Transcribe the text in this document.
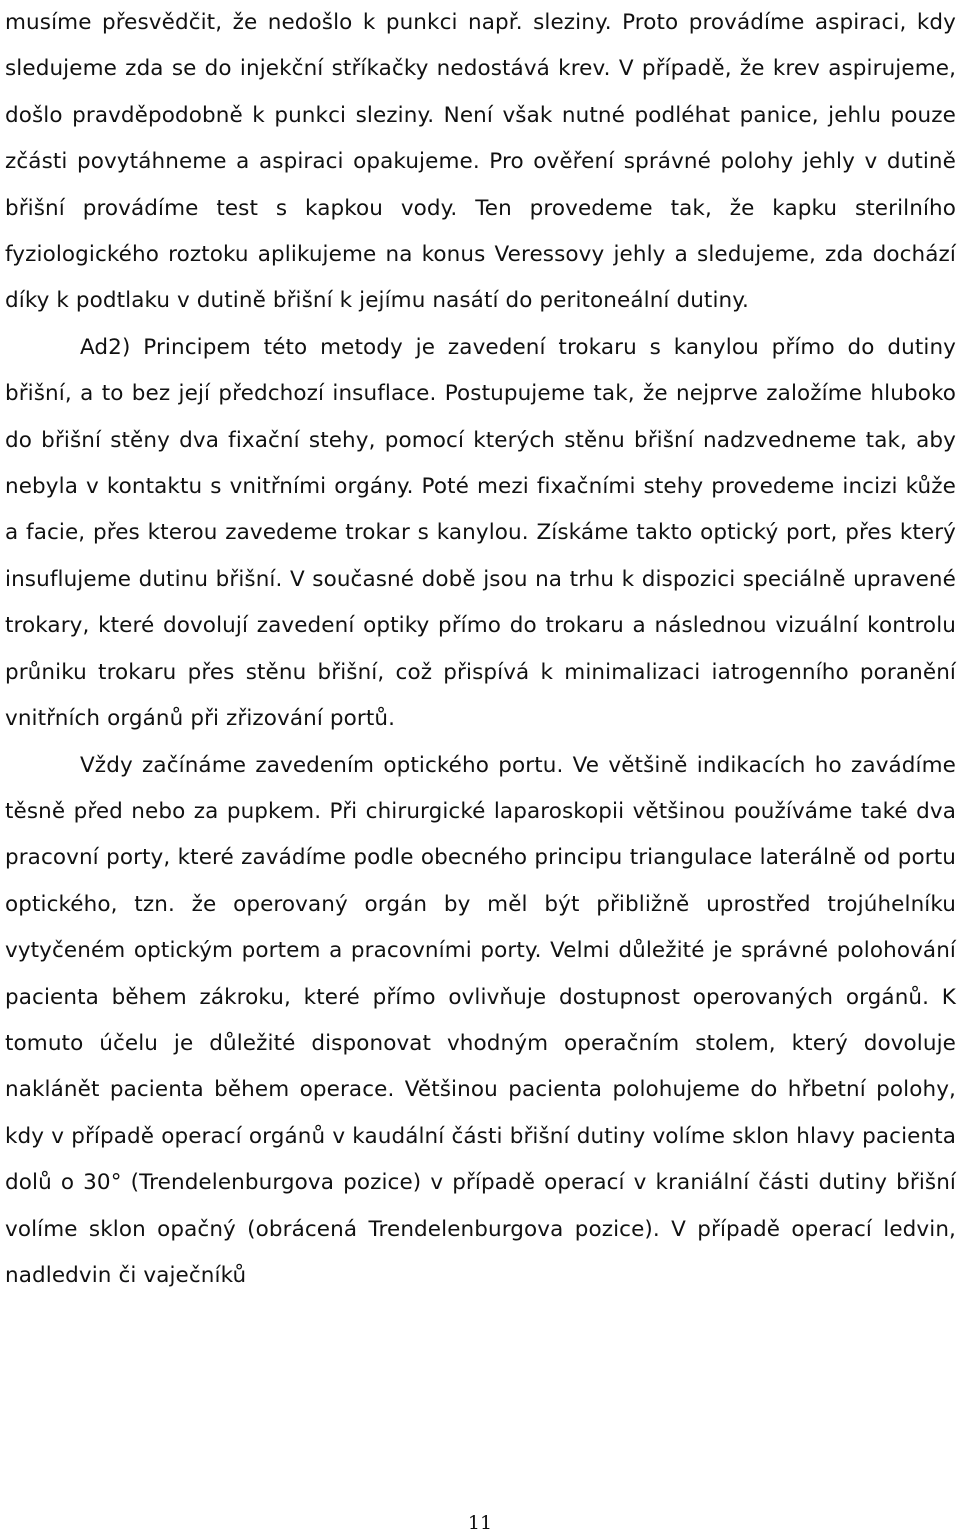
musíme přesvědčit, že nedošlo k punkci např. sleziny. Proto provádíme aspiraci, kdy sledujeme zda se do injekční stříkačky nedostává krev. V případě, že krev aspirujeme, došlo pravděpodobně k punkci sleziny. Není však nutné podléhat panice, jehlu pouze zčásti povytáhneme a aspiraci opakujeme. Pro ověření správné polohy jehly v dutině břišní provádíme test s kapkou vody. Ten provedeme tak, že kapku sterilního fyziologického roztoku aplikujeme na konus Veressovy jehly a sledujeme, zda dochází díky k podtlaku v dutině břišní k jejímu nasátí do peritoneální dutiny.

Ad2) Principem této metody je zavedení trokaru s kanylou přímo do dutiny břišní, a to bez její předchozí insuflace. Postupujeme tak, že nejprve založíme hluboko do břišní stěny dva fixační stehy, pomocí kterých stěnu břišní nadzvedneme tak, aby nebyla v kontaktu s vnitřními orgány. Poté mezi fixačními stehy provedeme incizi kůže a facie, přes kterou zavedeme trokar s kanylou. Získáme takto optický port, přes který insuflujeme dutinu břišní. V současné době jsou na trhu k dispozici speciálně upravené trokary, které dovolují zavedení optiky přímo do trokaru a následnou vizuální kontrolu průniku trokaru přes stěnu břišní, což přispívá k minimalizaci iatrogenního poranění vnitřních orgánů při zřizování portů.

Vždy začínáme zavedením optického portu. Ve většině indikacích ho zavádíme těsně před nebo za pupkem. Při chirurgické laparoskopii většinou používáme také dva pracovní porty, které zavádíme podle obecného principu triangulace laterálně od portu optického, tzn. že operovaný orgán by měl být přibližně uprostřed trojúhelníku vytyčeném optickým portem a pracovními porty. Velmi důležité je správné polohování pacienta během zákroku, které přímo ovlivňuje dostupnost operovaných orgánů. K tomuto účelu je důležité disponovat vhodným operačním stolem, který dovoluje naklánět pacienta během operace. Většinou pacienta polohujeme do hřbetní polohy, kdy v případě operací orgánů v kaudální části břišní dutiny volíme sklon hlavy pacienta dolů o 30° (Trendelenburgova pozice) v případě operací v kraniální části dutiny břišní volíme sklon opačný (obrácená Trendelenburgova pozice). V případě operací ledvin, nadledvin či vaječníků

11
